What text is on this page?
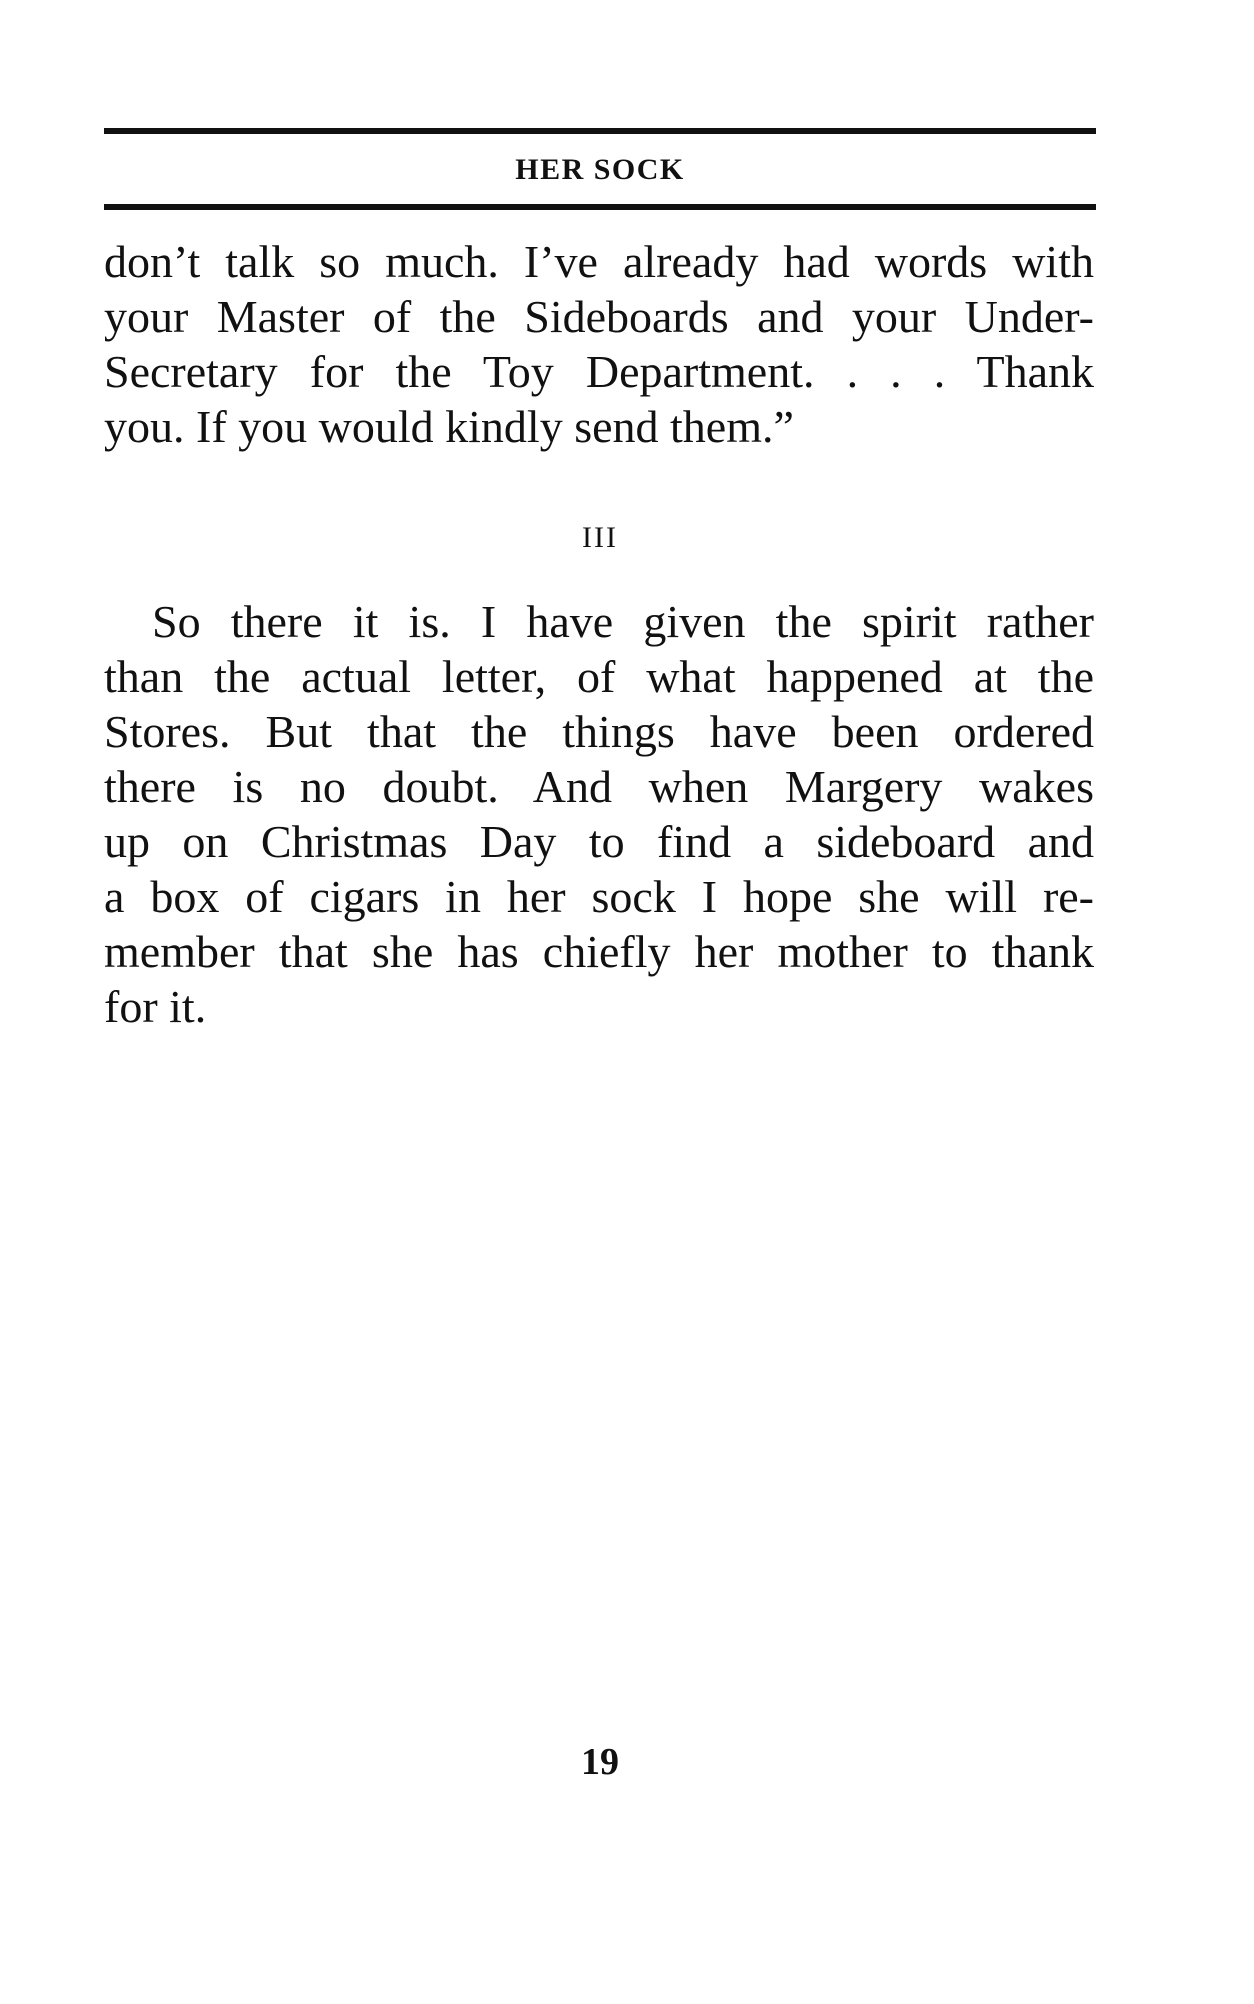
HER SOCK
don’t talk so much. I’ve already had words with
your Master of the Sideboards and your Under-
Secretary for the Toy Department. . . . Thank
you. If you would kindly send them.”
III
So there it is. I have given the spirit rather
than the actual letter, of what happened at the
Stores. But that the things have been ordered
there is no doubt. And when Margery wakes
up on Christmas Day to find a sideboard and
a box of cigars in her sock I hope she will re-
member that she has chiefly her mother to thank
for it.
19
